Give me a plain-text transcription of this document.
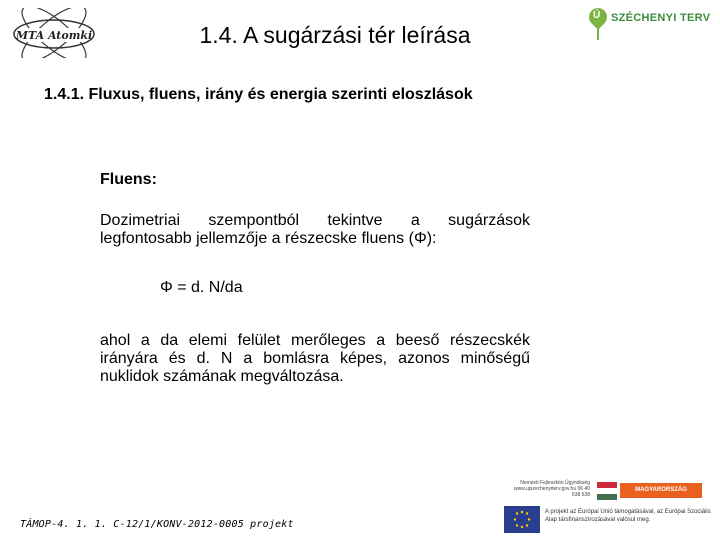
MTA Atomki
Ú SZÉCHENYI TERV
1.4. A sugárzási tér leírása
1.4.1. Fluxus, fluens, irány és energia szerinti eloszlások
Fluens:
Dozimetriai szempontból tekintve a sugárzások legfontosabb jellemzője a részecske fluens (Φ):
Φ = d. N/da
ahol a da elemi felület merőleges a beeső részecskék irányára és d. N a bomlásra képes, azonos minőségű nuklidok számának megváltozása.
Nemzeti Fejlesztési Ügynökség www.ujszechenyiterv.gov.hu 06 40 638 638
MAGYARORSZÁG MEGÚJUL
A projekt az Európai Unió támogatásával, az Európai Szociális Alap társfinanszírozásával valósul meg.
TÁMOP-4. 1. 1. C-12/1/KONV-2012-0005 projekt
